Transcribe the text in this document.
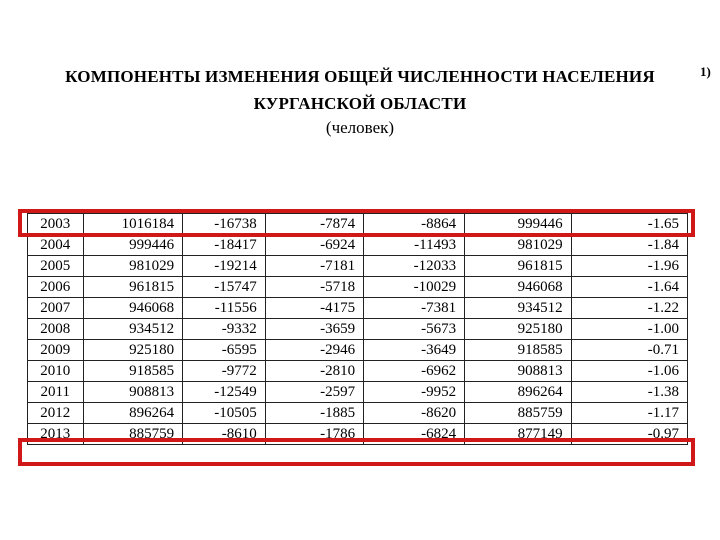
КОМПОНЕНТЫ ИЗМЕНЕНИЯ ОБЩЕЙ ЧИСЛЕННОСТИ НАСЕЛЕНИЯ	1)
КУРГАНСКОЙ ОБЛАСТИ
(человек)
2003	1016184	-16738	-7874	-8864	999446	-1.65
2004	999446	-18417	-6924	-11493	981029	-1.84
2005	981029	-19214	-7181	-12033	961815	-1.96
2006	961815	-15747	-5718	-10029	946068	-1.64
2007	946068	-11556	-4175	-7381	934512	-1.22
2008	934512	-9332	-3659	-5673	925180	-1.00
2009	925180	-6595	-2946	-3649	918585	-0.71
2010	918585	-9772	-2810	-6962	908813	-1.06
2011	908813	-12549	-2597	-9952	896264	-1.38
2012	896264	-10505	-1885	-8620	885759	-1.17
2013	885759	-8610	-1786	-6824	877149	-0.97
